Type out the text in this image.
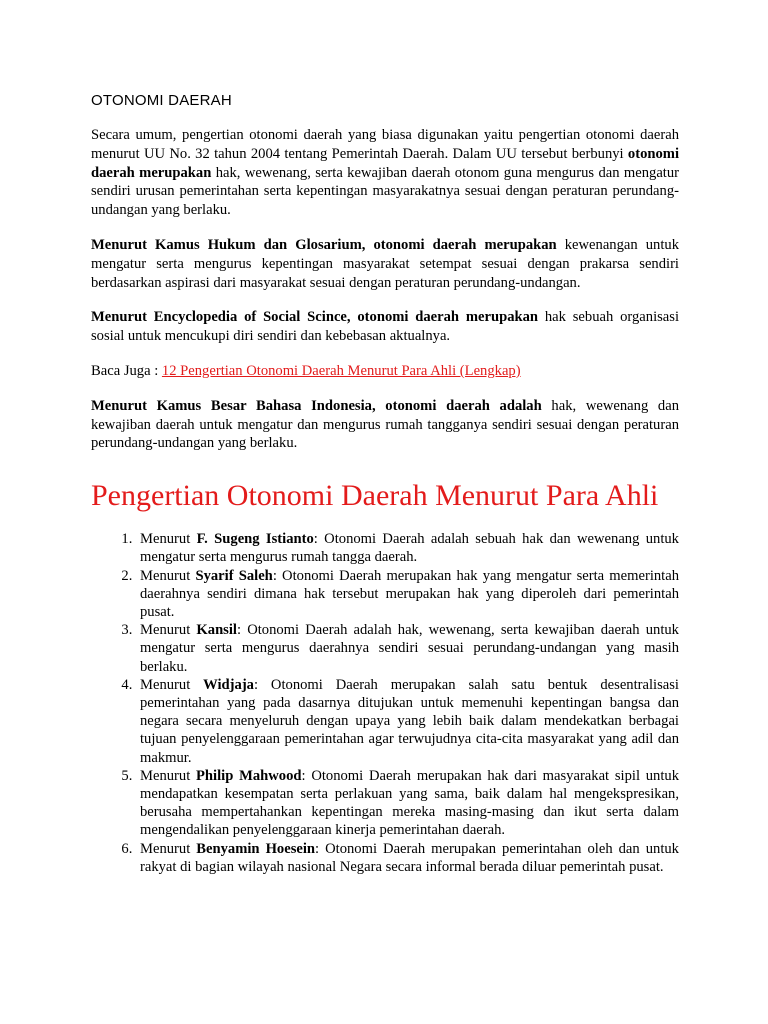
OTONOMI DAERAH

Secara umum, pengertian otonomi daerah yang biasa digunakan yaitu pengertian otonomi daerah menurut UU No. 32 tahun 2004 tentang Pemerintah Daerah. Dalam UU tersebut berbunyi otonomi daerah merupakan hak, wewenang, serta kewajiban daerah otonom guna mengurus dan mengatur sendiri urusan pemerintahan serta kepentingan masyarakatnya sesuai dengan peraturan perundang-undangan yang berlaku.

Menurut Kamus Hukum dan Glosarium, otonomi daerah merupakan kewenangan untuk mengatur serta mengurus kepentingan masyarakat setempat sesuai dengan prakarsa sendiri berdasarkan aspirasi dari masyarakat sesuai dengan peraturan perundang-undangan.

Menurut Encyclopedia of Social Scince, otonomi daerah merupakan hak sebuah organisasi sosial untuk mencukupi diri sendiri dan kebebasan aktualnya.

Baca Juga : 12 Pengertian Otonomi Daerah Menurut Para Ahli (Lengkap)

Menurut Kamus Besar Bahasa Indonesia, otonomi daerah adalah hak, wewenang dan kewajiban daerah untuk mengatur dan mengurus rumah tangganya sendiri sesuai dengan peraturan perundang-undangan yang berlaku.

Pengertian Otonomi Daerah Menurut Para Ahli
1. Menurut F. Sugeng Istianto: Otonomi Daerah adalah sebuah hak dan wewenang untuk mengatur serta mengurus rumah tangga daerah.
2. Menurut Syarif Saleh: Otonomi Daerah merupakan hak yang mengatur serta memerintah daerahnya sendiri dimana hak tersebut merupakan hak yang diperoleh dari pemerintah pusat.
3. Menurut Kansil: Otonomi Daerah adalah hak, wewenang, serta kewajiban daerah untuk mengatur serta mengurus daerahnya sendiri sesuai perundang-undangan yang masih berlaku.
4. Menurut Widjaja: Otonomi Daerah merupakan salah satu bentuk desentralisasi pemerintahan yang pada dasarnya ditujukan untuk memenuhi kepentingan bangsa dan negara secara menyeluruh dengan upaya yang lebih baik dalam mendekatkan berbagai tujuan penyelenggaraan pemerintahan agar terwujudnya cita-cita masyarakat yang adil dan makmur.
5. Menurut Philip Mahwood: Otonomi Daerah merupakan hak dari masyarakat sipil untuk mendapatkan kesempatan serta perlakuan yang sama, baik dalam hal mengekspresikan, berusaha mempertahankan kepentingan mereka masing-masing dan ikut serta dalam mengendalikan penyelenggaraan kinerja pemerintahan daerah.
6. Menurut Benyamin Hoesein: Otonomi Daerah merupakan pemerintahan oleh dan untuk rakyat di bagian wilayah nasional Negara secara informal berada diluar pemerintah pusat.
